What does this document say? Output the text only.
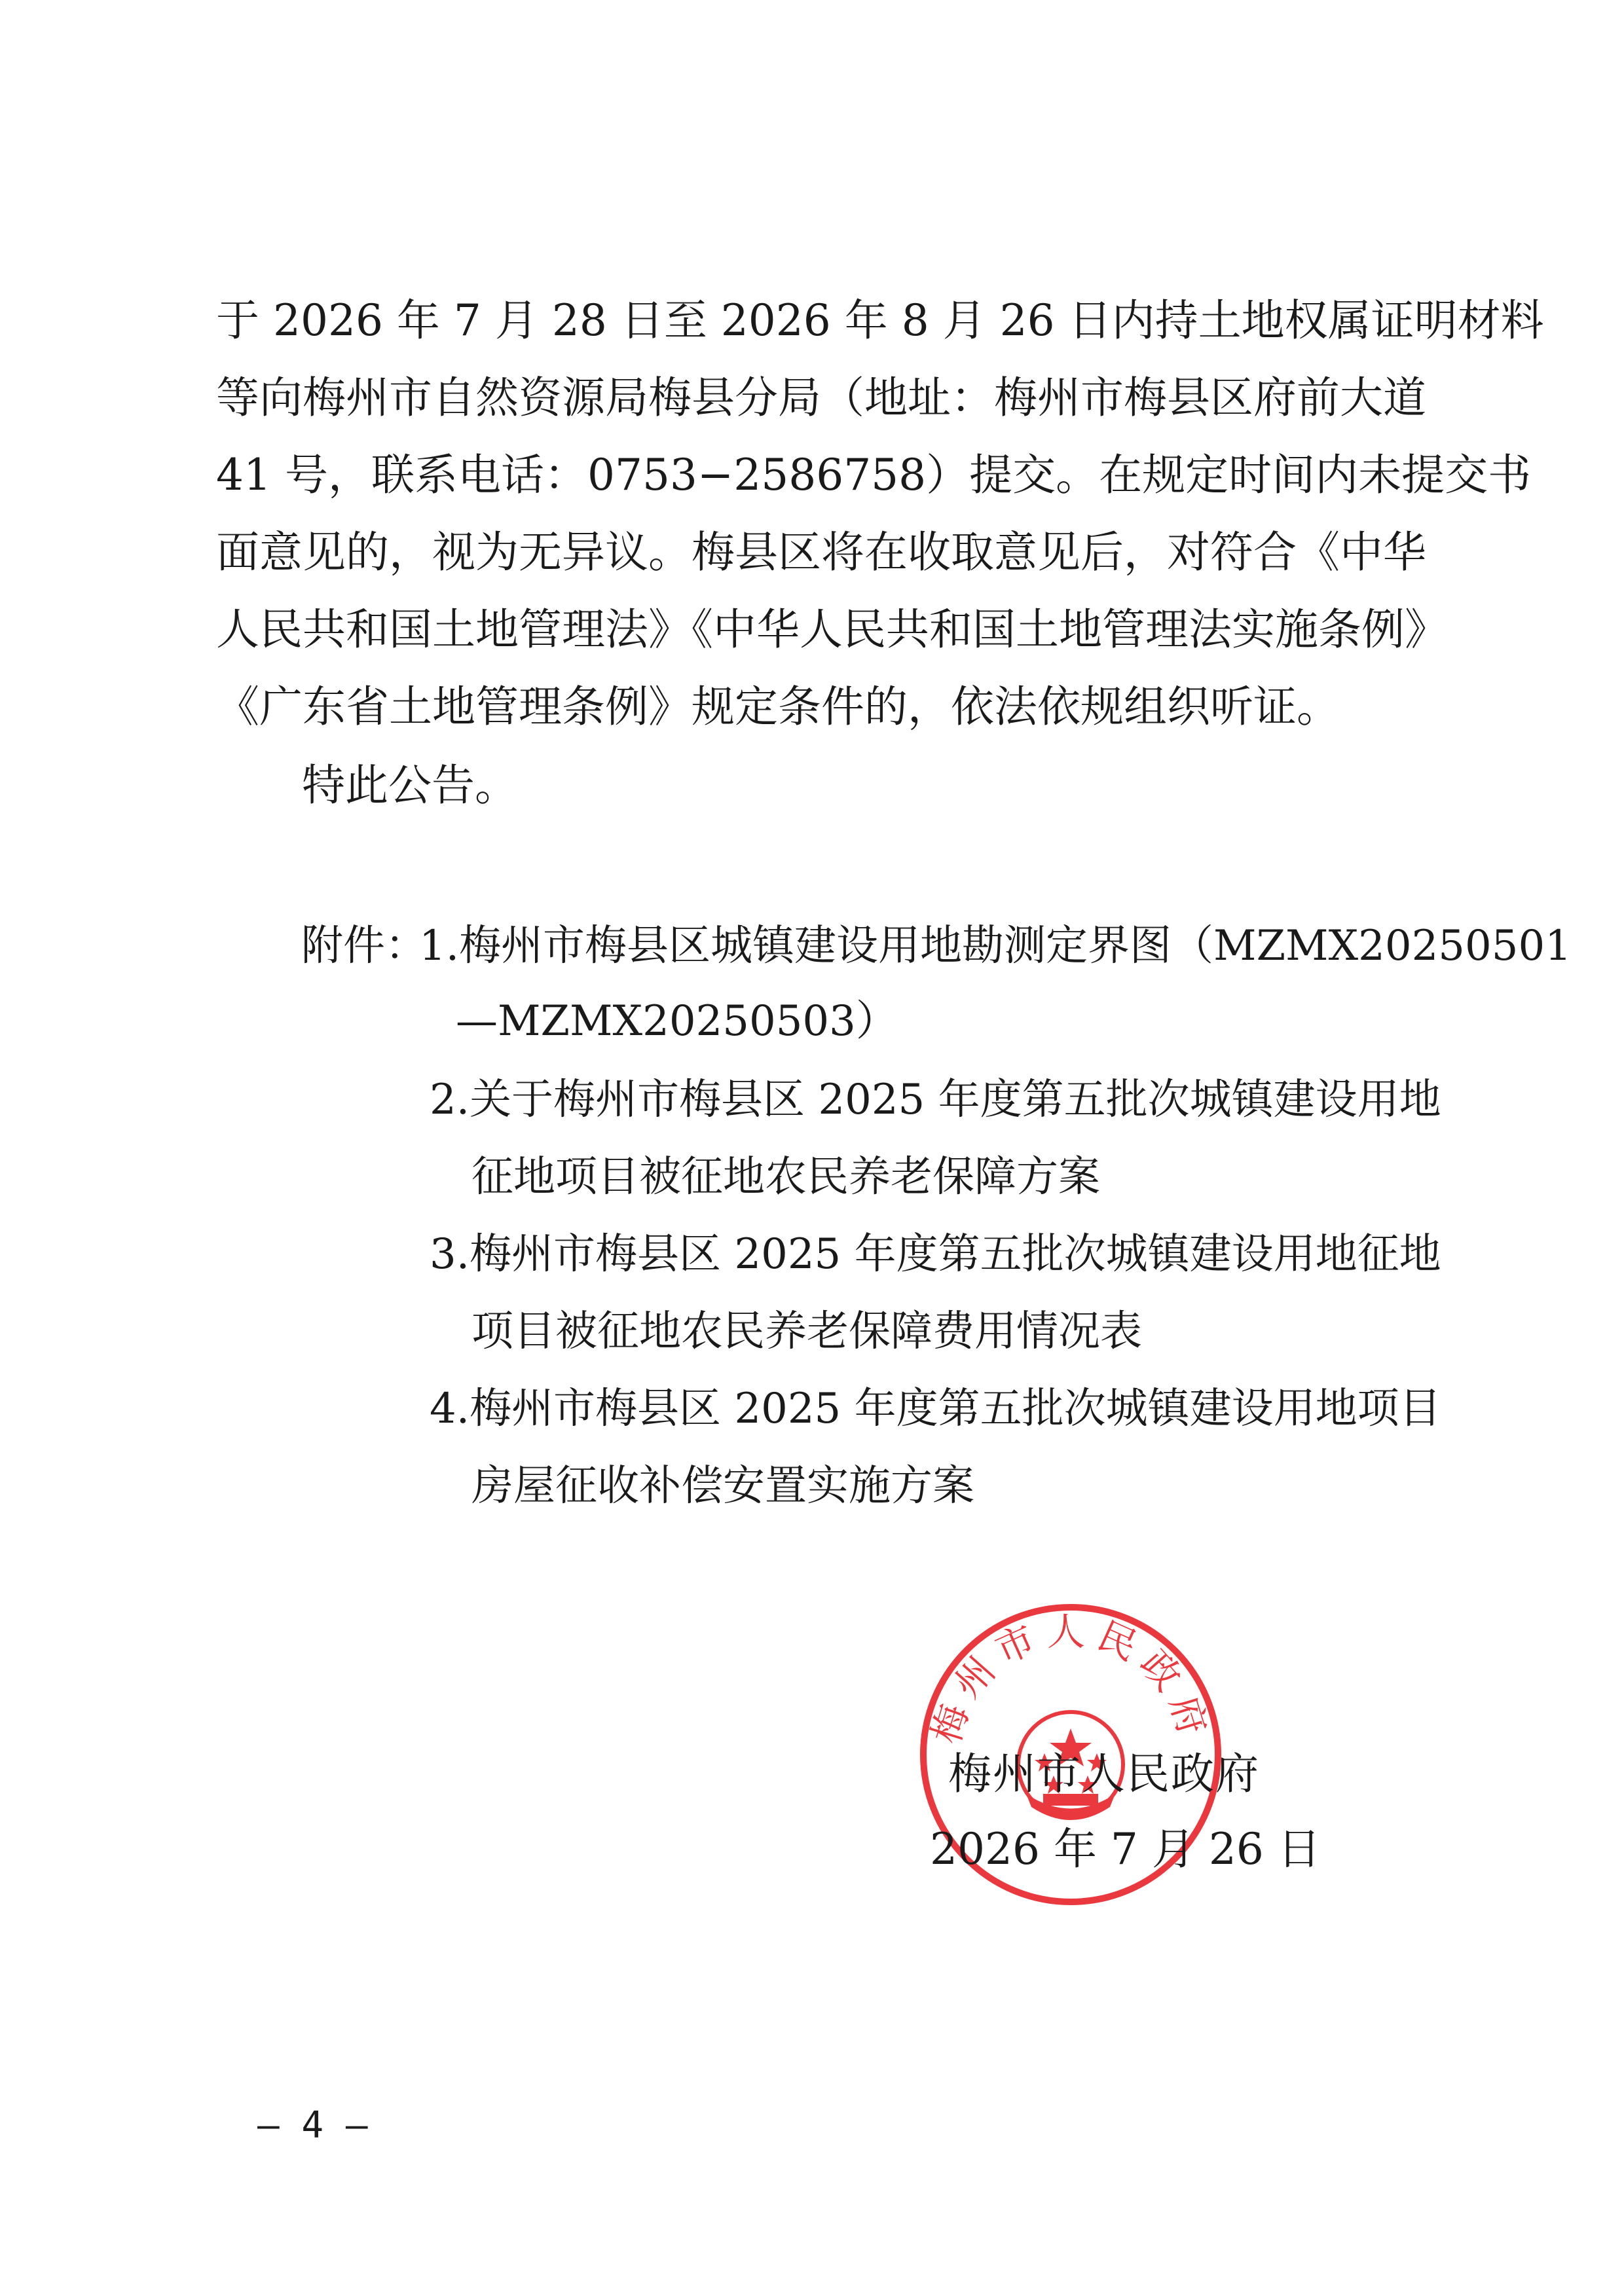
于 2026 年 7 月 28 日至 2026 年 8 月 26 日内持土地权属证明材料
等向梅州市自然资源局梅县分局（地址：梅州市梅县区府前大道
41 号，联系电话：0753−2586758）提交。在规定时间内未提交书
面意见的，视为无异议。梅县区将在收取意见后，对符合《中华
人民共和国土地管理法》《中华人民共和国土地管理法实施条例》
《广东省土地管理条例》规定条件的，依法依规组织听证。
特此公告。
附件：
1.梅州市梅县区城镇建设用地勘测定界图（MZMX20250501
—MZMX20250503）
2.关于梅州市梅县区 2025 年度第五批次城镇建设用地
征地项目被征地农民养老保障方案
3.梅州市梅县区 2025 年度第五批次城镇建设用地征地
项目被征地农民养老保障费用情况表
4.梅州市梅县区 2025 年度第五批次城镇建设用地项目
房屋征收补偿安置实施方案
梅州市人民政府
梅州市人民政府
2026 年 7 月 26 日
— 4 —
